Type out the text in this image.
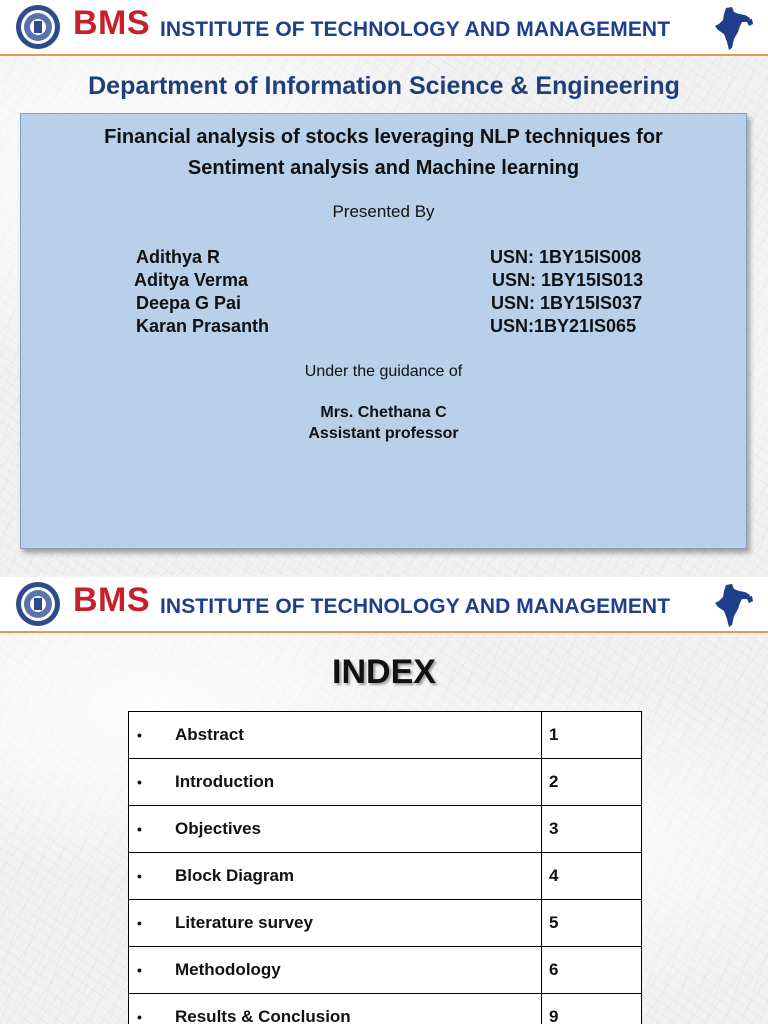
BMS INSTITUTE OF TECHNOLOGY AND MANAGEMENT
Department of Information Science & Engineering
Financial analysis of stocks leveraging NLP techniques for
Sentiment analysis and Machine learning
Presented By
Adithya R	USN: 1BY15IS008
Aditya Verma	USN: 1BY15IS013
Deepa G Pai	USN: 1BY15IS037
Karan Prasanth	USN:1BY21IS065
Under the guidance of
Mrs. Chethana C
Assistant professor
BMS INSTITUTE OF TECHNOLOGY AND MANAGEMENT
INDEX
• Abstract	1
• Introduction	2
• Objectives	3
• Block Diagram	4
• Literature survey	5
• Methodology	6
• Results & Conclusion	9
